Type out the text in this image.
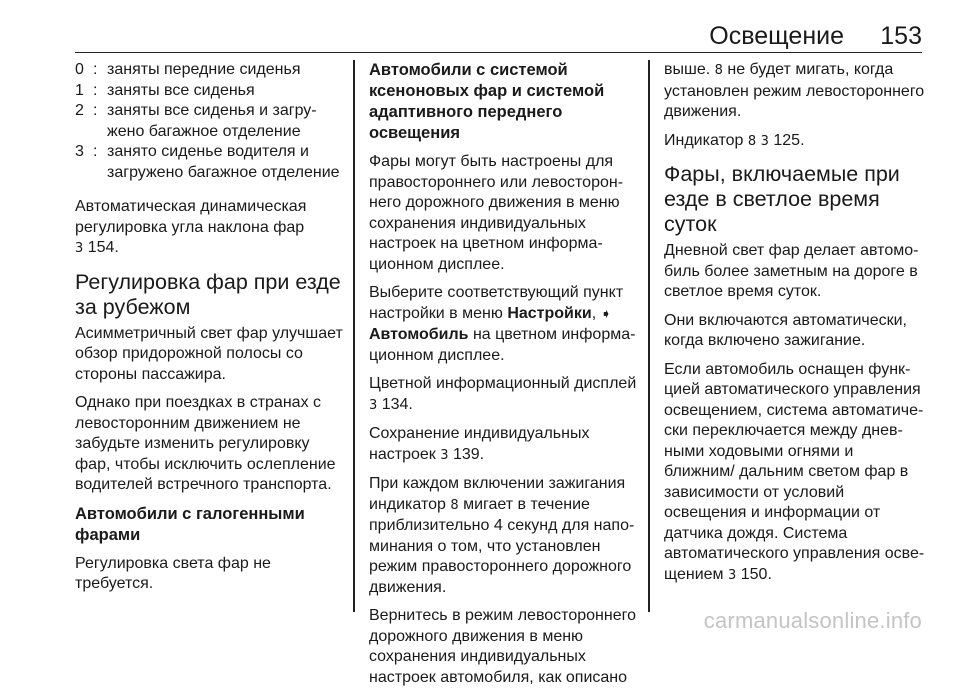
Освещение 153
0 : заняты передние сиденья
1 : заняты все сиденья
2 : заняты все сиденья и загружено багажное отделение
3 : занято сиденье водителя и загружено багажное отделение

Автоматическая динамическая регулировка угла наклона фар
3 154.

Регулировка фар при езде за рубежом

Асимметричный свет фар улучшает обзор придорожной полосы со стороны пассажира.

Однако при поездках в странах с левосторонним движением не забудьте изменить регулировку фар, чтобы исключить ослепление водителей встречного транспорта.

Автомобили с галогенными фарами

Регулировка света фар не требуется.

Автомобили с системой ксеноновых фар и системой адаптивного переднего освещения

Фары могут быть настроены для правостороннего или левостороннего дорожного движения в меню сохранения индивидуальных настроек на цветном информационном дисплее.

Выберите соответствующий пункт настройки в меню Настройки, ➧
Автомобиль на цветном информационном дисплее.

Цветной информационный дисплей 3 134.

Сохранение индивидуальных настроек 3 139.

При каждом включении зажигания индикатор 8 мигает в течение приблизительно 4 секунд для напоминания о том, что установлен режим правостороннего дорожного движения.

Вернитесь в режим левостороннего дорожного движения в меню сохранения индивидуальных настроек автомобиля, как описано

выше. 8 не будет мигать, когда установлен режим левостороннего движения.

Индикатор 8 3 125.

Фары, включаемые при езде в светлое время суток

Дневной свет фар делает автомобиль более заметным на дороге в светлое время суток.

Они включаются автоматически, когда включено зажигание.

Если автомобиль оснащен функцией автоматического управления освещением, система автоматически переключается между дневными ходовыми огнями и ближним/ дальним светом фар в зависимости от условий освещения и информации от датчика дождя. Система автоматического управления освещением 3 150.

carmanualsonline.info
